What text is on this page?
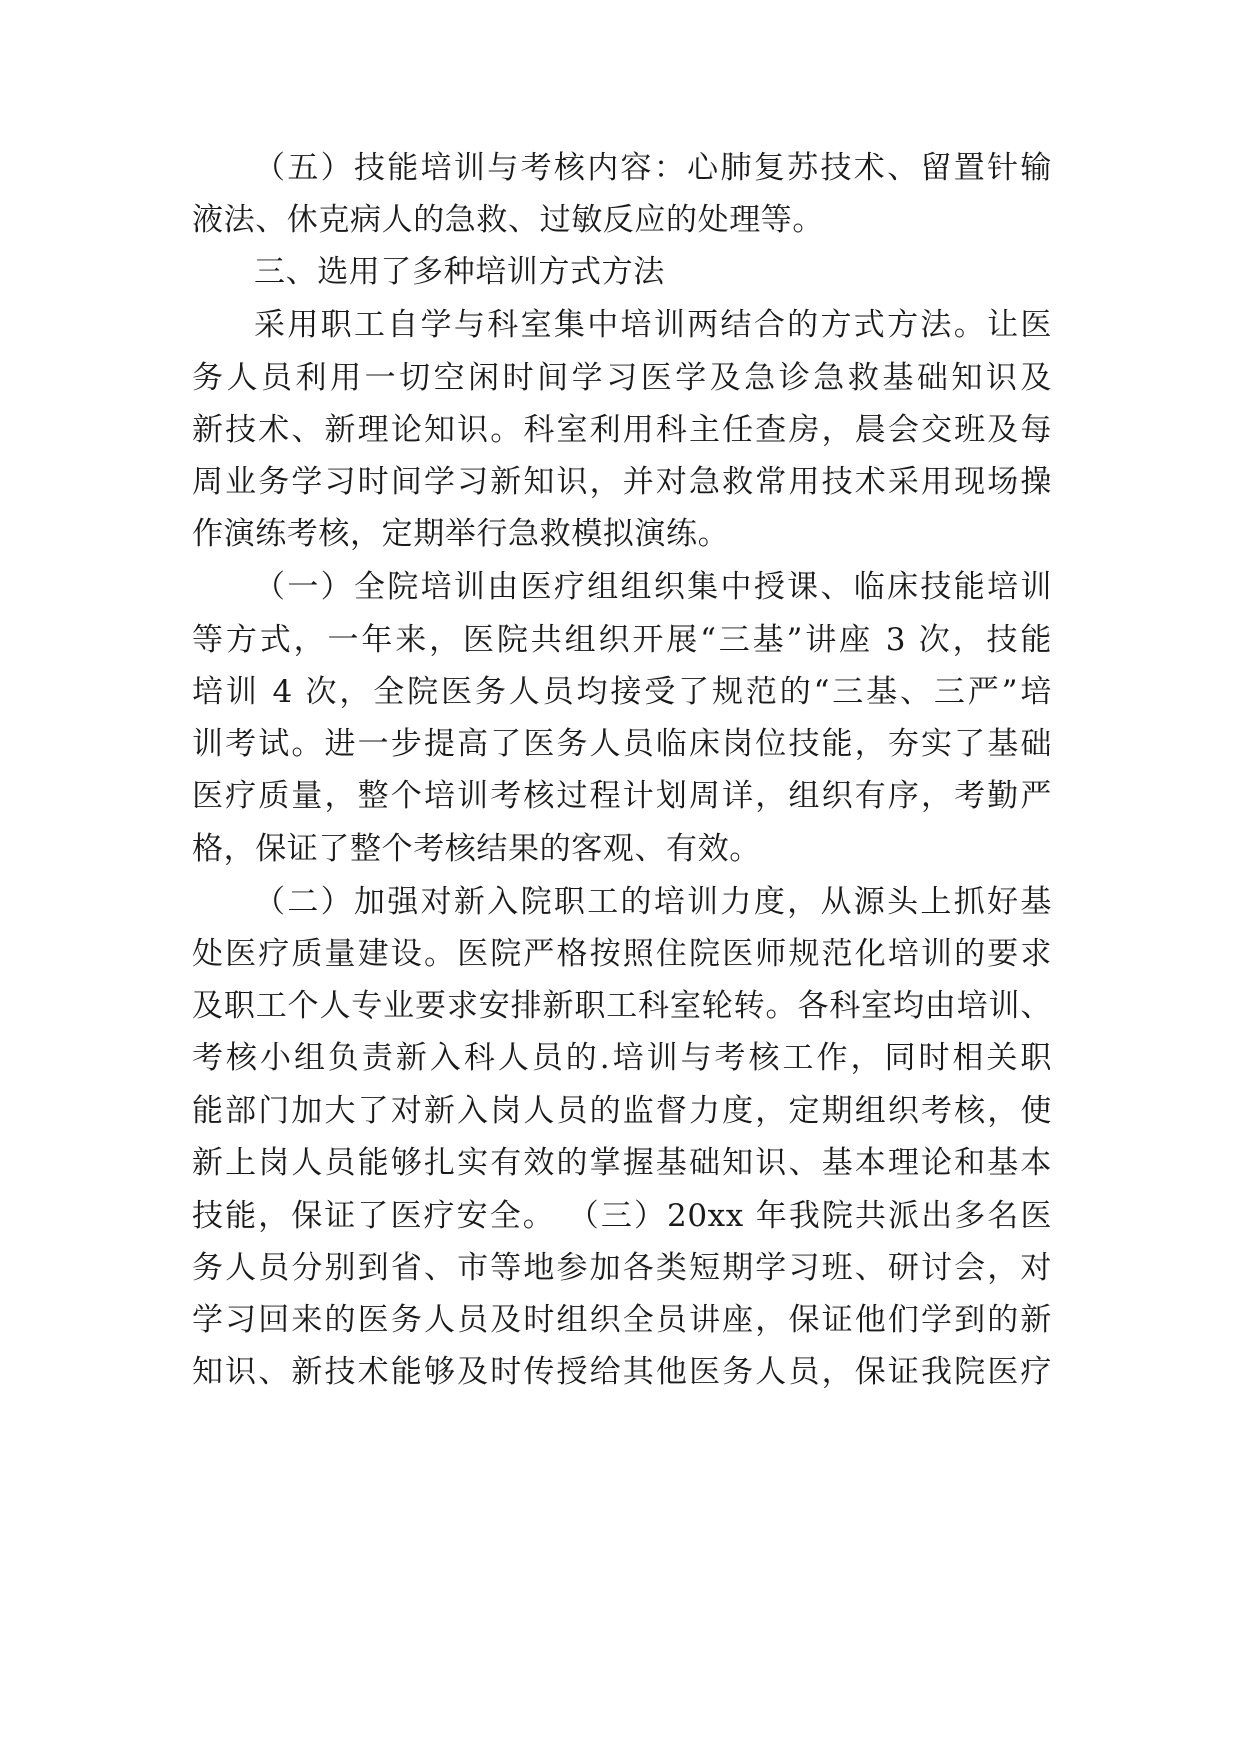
（五）技能培训与考核内容：心肺复苏技术、留置针输
液法、休克病人的急救、过敏反应的处理等。
三、选用了多种培训方式方法
采用职工自学与科室集中培训两结合的方式方法。让医
务人员利用一切空闲时间学习医学及急诊急救基础知识及
新技术、新理论知识。科室利用科主任查房，晨会交班及每
周业务学习时间学习新知识，并对急救常用技术采用现场操
作演练考核，定期举行急救模拟演练。
（一）全院培训由医疗组组织集中授课、临床技能培训
等方式，一年来，医院共组织开展“三基”讲座 3 次，技能
培训 4 次，全院医务人员均接受了规范的“三基、三严”培
训考试。进一步提高了医务人员临床岗位技能，夯实了基础
医疗质量，整个培训考核过程计划周详，组织有序，考勤严
格，保证了整个考核结果的客观、有效。
（二）加强对新入院职工的培训力度，从源头上抓好基
处医疗质量建设。医院严格按照住院医师规范化培训的要求
及职工个人专业要求安排新职工科室轮转。各科室均由培训、
考核小组负责新入科人员的.培训与考核工作，同时相关职
能部门加大了对新入岗人员的监督力度，定期组织考核，使
新上岗人员能够扎实有效的掌握基础知识、基本理论和基本
技能，保证了医疗安全。 （三）20xx 年我院共派出多名医
务人员分别到省、市等地参加各类短期学习班、研讨会，对
学习回来的医务人员及时组织全员讲座，保证他们学到的新
知识、新技术能够及时传授给其他医务人员，保证我院医疗
